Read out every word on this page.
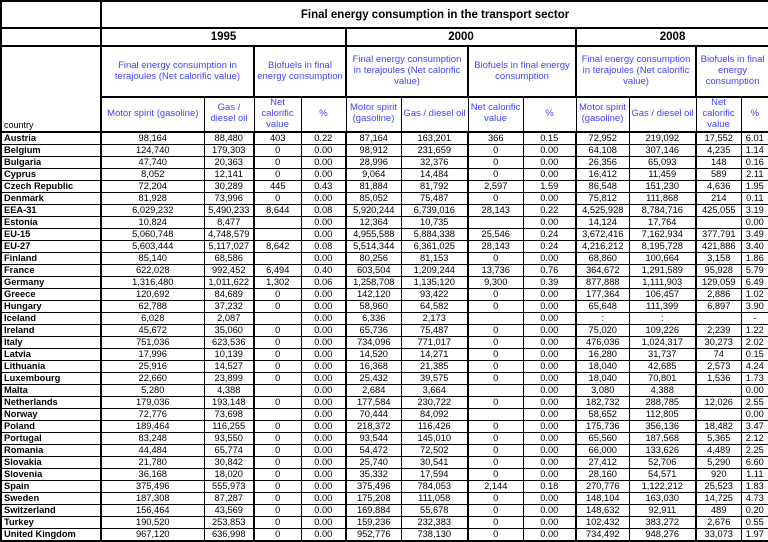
	Final energy consumption in the transport sector											
	1995				2000				2008			
country	Final energy consumption in terajoules (Net calorific value)		Biofuels in final energy consumption		Final energy consumption in terajoules (Net calorific value)		Biofuels in final energy consumption		Final energy consumption in terajoules (Net calorific value)		Biofuels in final energy consumption	
	Motor spirit (gasoline)	Gas / diesel oil	Net calorific value	%	Motor spirit (gasoline)	Gas / diesel oil	Net calorific value	%	Motor spirit (gasoline)	Gas / diesel oil	Net calorific value	%
Austria	98,164	88,480	403	0.22	87,164	163,201	366	0.15	72,952	219,092	17,552	6.01
Belgium	124,740	179,303	0	0.00	98,912	231,659	0	0.00	64,108	307,146	4,235	1.14
Bulgaria	47,740	20,363	0	0.00	28,996	32,376	0	0.00	26,356	65,093	148	0.16
Cyprus	8,052	12,141	0	0.00	9,064	14,484	0	0.00	16,412	11,459	589	2.11
Czech Republic	72,204	30,289	445	0.43	81,884	81,792	2,597	1.59	86,548	151,230	4,636	1.95
Denmark	81,928	73,996	0	0.00	85,052	75,487	0	0.00	75,812	111,868	214	0.11
EEA-31	6,029,232	5,490,233	8,644	0.08	5,920,244	6,739,016	28,143	0.22	4,525,928	8,784,716	425,055	3.19
Estonia	10,824	8,477		0.00	12,364	10,735		0.00	14,124	17,764		0.00
EU-15	5,060,748	4,748,579		0.00	4,955,588	5,884,338	25,546	0.24	3,672,416	7,162,934	377,791	3.49
EU-27	5,603,444	5,117,027	8,642	0.08	5,514,344	6,361,025	28,143	0.24	4,216,212	8,195,728	421,886	3.40
Finland	85,140	68,586		0.00	80,256	81,153	0	0.00	68,860	100,664	3,158	1.86
France	622,028	992,452	6,494	0.40	603,504	1,209,244	13,736	0.76	364,672	1,291,589	95,928	5.79
Germany	1,316,480	1,011,622	1,302	0.06	1,258,708	1,135,120	9,300	0.39	877,888	1,111,903	129,059	6.49
Greece	120,692	84,689	0	0.00	142,120	93,422	0	0.00	177,364	106,457	2,886	1.02
Hungary	62,788	37,232	0	0.00	58,960	64,582	0	0.00	65,648	111,399	6,897	3.90
Iceland	6,028	2,087		0.00	6,336	2,173		0.00	:	:		-
Ireland	45,672	35,060	0	0.00	65,736	75,487	0	0.00	75,020	109,226	2,239	1.22
Italy	751,036	623,536	0	0.00	734,096	771,017	0	0.00	476,036	1,024,317	30,273	2.02
Latvia	17,996	10,139	0	0.00	14,520	14,271	0	0.00	16,280	31,737	74	0.15
Lithuania	25,916	14,527	0	0.00	16,368	21,385	0	0.00	18,040	42,685	2,573	4.24
Luxembourg	22,660	23,899	0	0.00	25,432	39,575	0	0.00	18,040	70,801	1,536	1.73
Malta	5,280	4,388		0.00	2,684	3,664		0.00	3,080	4,388		0.00
Netherlands	179,036	193,148	0	0.00	177,584	230,722	0	0.00	182,732	288,785	12,026	2.55
Norway	72,776	73,698		0.00	70,444	84,092		0.00	58,652	112,805		0.00
Poland	189,464	116,255	0	0.00	218,372	116,426	0	0.00	175,736	356,136	18,482	3.47
Portugal	83,248	93,550	0	0.00	93,544	145,010	0	0.00	65,560	187,568	5,365	2.12
Romania	44,484	65,774	0	0.00	54,472	72,502	0	0.00	66,000	133,626	4,489	2.25
Slovakia	21,780	30,842	0	0.00	25,740	30,541	0	0.00	27,412	52,706	5,290	6.60
Slovenia	36,168	18,020	0	0.00	35,332	17,594	0	0.00	28,160	54,571	920	1.11
Spain	375,496	555,973	0	0.00	375,496	784,053	2,144	0.18	270,776	1,122,212	25,523	1.83
Sweden	187,308	87,287	0	0.00	175,208	111,058	0	0.00	148,104	163,030	14,725	4.73
Switzerland	156,464	43,569	0	0.00	169,884	55,678	0	0.00	148,632	92,911	489	0.20
Turkey	190,520	253,853	0	0.00	159,236	232,383	0	0.00	102,432	383,272	2,676	0.55
United Kingdom	967,120	636,998	0	0.00	952,776	738,130	0	0.00	734,492	948,276	33,073	1.97
